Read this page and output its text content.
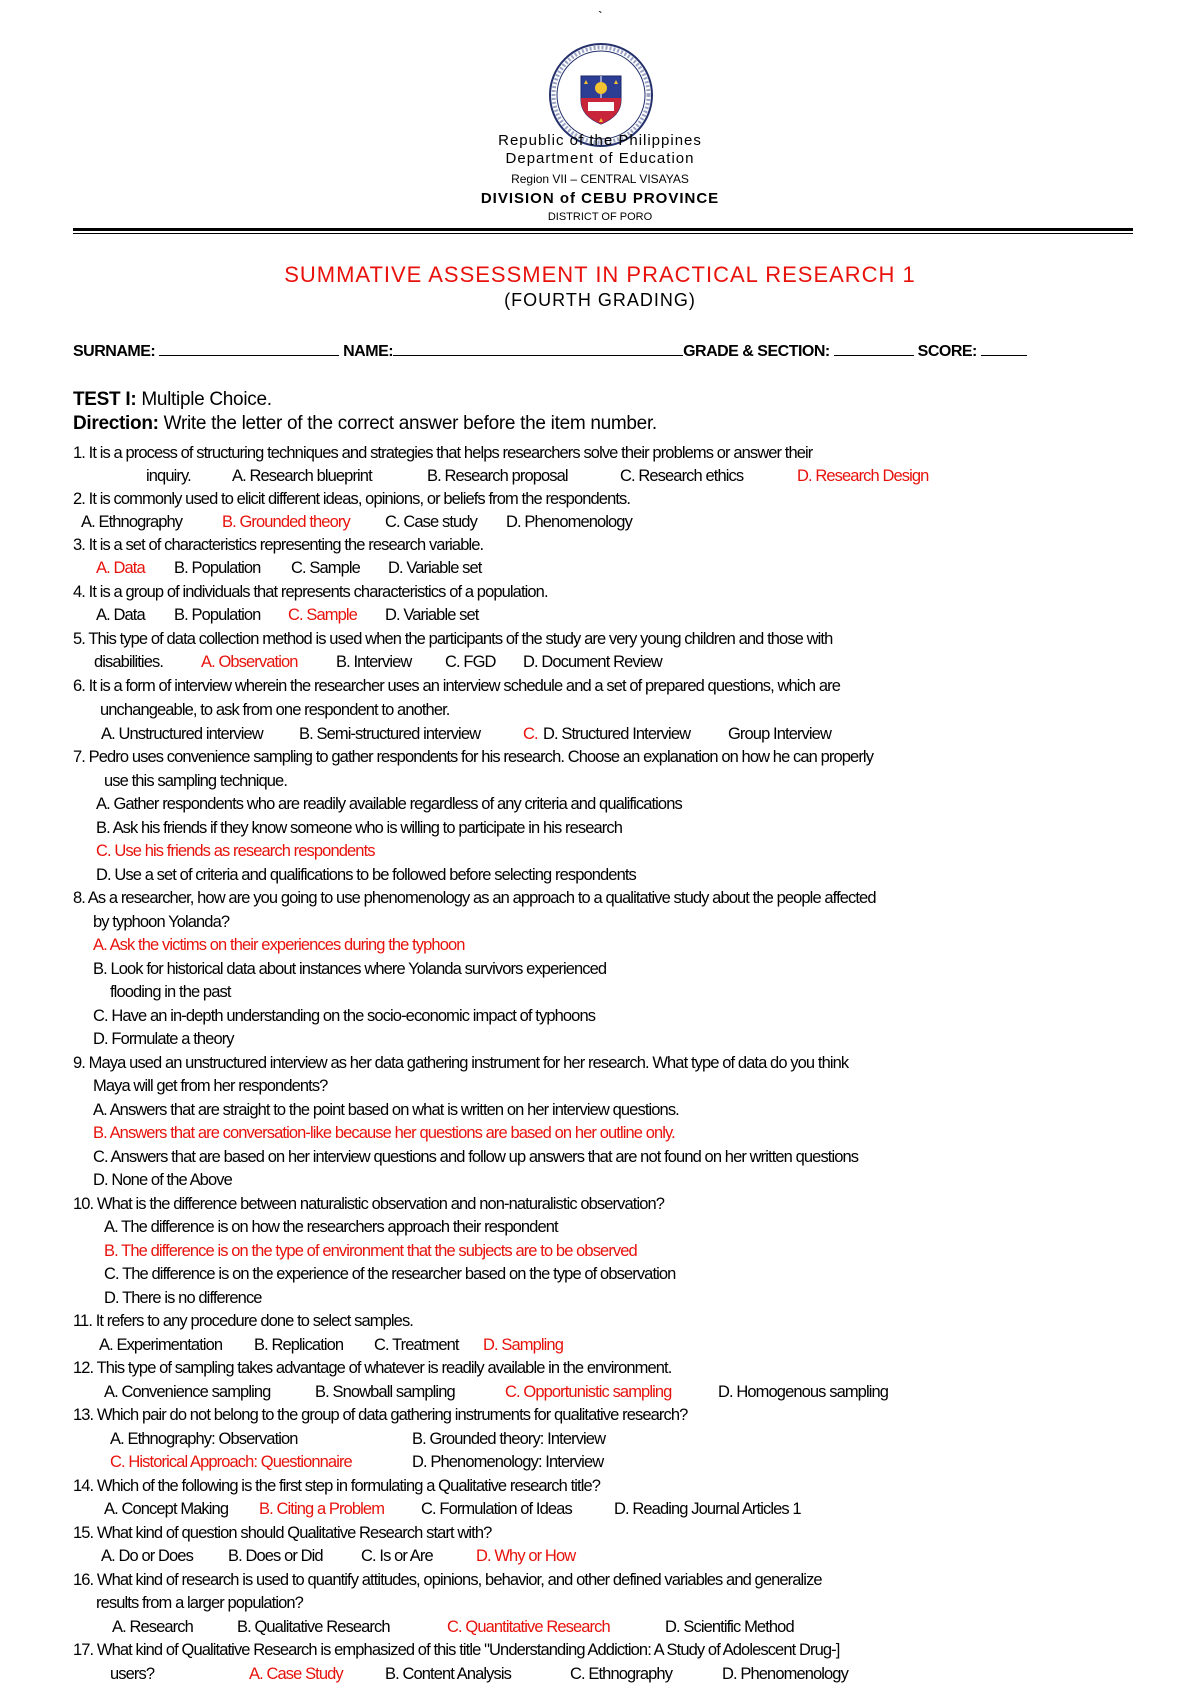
`
Republic of the Philippines
Department of Education
Region VII – CENTRAL VISAYAS
DIVISION of CEBU PROVINCE
DISTRICT OF PORO
SUMMATIVE ASSESSMENT IN PRACTICAL RESEARCH 1
(FOURTH GRADING)
SURNAME:	NAME:	GRADE & SECTION:	SCORE:
TEST I: Multiple Choice.
Direction: Write the letter of the correct answer before the item number.
1. It is a process of structuring techniques and strategies that helps researchers solve their problems or answer their
inquiry. A. Research blueprint	B. Research proposal	C. Research ethics	D. Research Design
2. It is commonly used to elicit different ideas, opinions, or beliefs from the respondents.
A. Ethnography B. Grounded theory C. Case study D. Phenomenology
3. It is a set of characteristics representing the research variable.
A. Data B. Population C. Sample D. Variable set
4. It is a group of individuals that represents characteristics of a population.
A. Data B. Population C. Sample D. Variable set
5. This type of data collection method is used when the participants of the study are very young children and those with
disabilities. A. Observation B. Interview C. FGD D. Document Review
6. It is a form of interview wherein the researcher uses an interview schedule and a set of prepared questions, which are
unchangeable, to ask from one respondent to another.
A. Unstructured interview B. Semi-structured interview	C. D. Structured Interview Group Interview
7. Pedro uses convenience sampling to gather respondents for his research. Choose an explanation on how he can properly
use this sampling technique.
A. Gather respondents who are readily available regardless of any criteria and qualifications
B. Ask his friends if they know someone who is willing to participate in his research
C. Use his friends as research respondents
D. Use a set of criteria and qualifications to be followed before selecting respondents
8. As a researcher, how are you going to use phenomenology as an approach to a qualitative study about the people affected
by typhoon Yolanda?
A. Ask the victims on their experiences during the typhoon
B. Look for historical data about instances where Yolanda survivors experienced
flooding in the past
C. Have an in-depth understanding on the socio-economic impact of typhoons
D. Formulate a theory
9. Maya used an unstructured interview as her data gathering instrument for her research. What type of data do you think
Maya will get from her respondents?
A. Answers that are straight to the point based on what is written on her interview questions.
B. Answers that are conversation-like because her questions are based on her outline only.
C. Answers that are based on her interview questions and follow up answers that are not found on her written questions
D. None of the Above
10. What is the difference between naturalistic observation and non-naturalistic observation?
A. The difference is on how the researchers approach their respondent
B. The difference is on the type of environment that the subjects are to be observed
C. The difference is on the experience of the researcher based on the type of observation
D. There is no difference
11. It refers to any procedure done to select samples.
A. Experimentation B. Replication C. Treatment D. Sampling
12. This type of sampling takes advantage of whatever is readily available in the environment.
A. Convenience sampling	B. Snowball sampling	C. Opportunistic sampling	D. Homogenous sampling
13. Which pair do not belong to the group of data gathering instruments for qualitative research?
A. Ethnography: Observation	B. Grounded theory: Interview
C. Historical Approach: Questionnaire	D. Phenomenology: Interview
14. Which of the following is the first step in formulating a Qualitative research title?
A. Concept Making B. Citing a Problem C. Formulation of Ideas	D. Reading Journal Articles 1
15. What kind of question should Qualitative Research start with?
A. Do or Does B. Does or Did C. Is or Are	D. Why or How
16. What kind of research is used to quantify attitudes, opinions, behavior, and other defined variables and generalize
results from a larger population?
A. Research	B. Qualitative Research	C. Quantitative Research	D. Scientific Method
17. What kind of Qualitative Research is emphasized of this title "Understanding Addiction: A Study of Adolescent Drug-]
users?	A. Case Study	B. Content Analysis	C. Ethnography	D. Phenomenology
